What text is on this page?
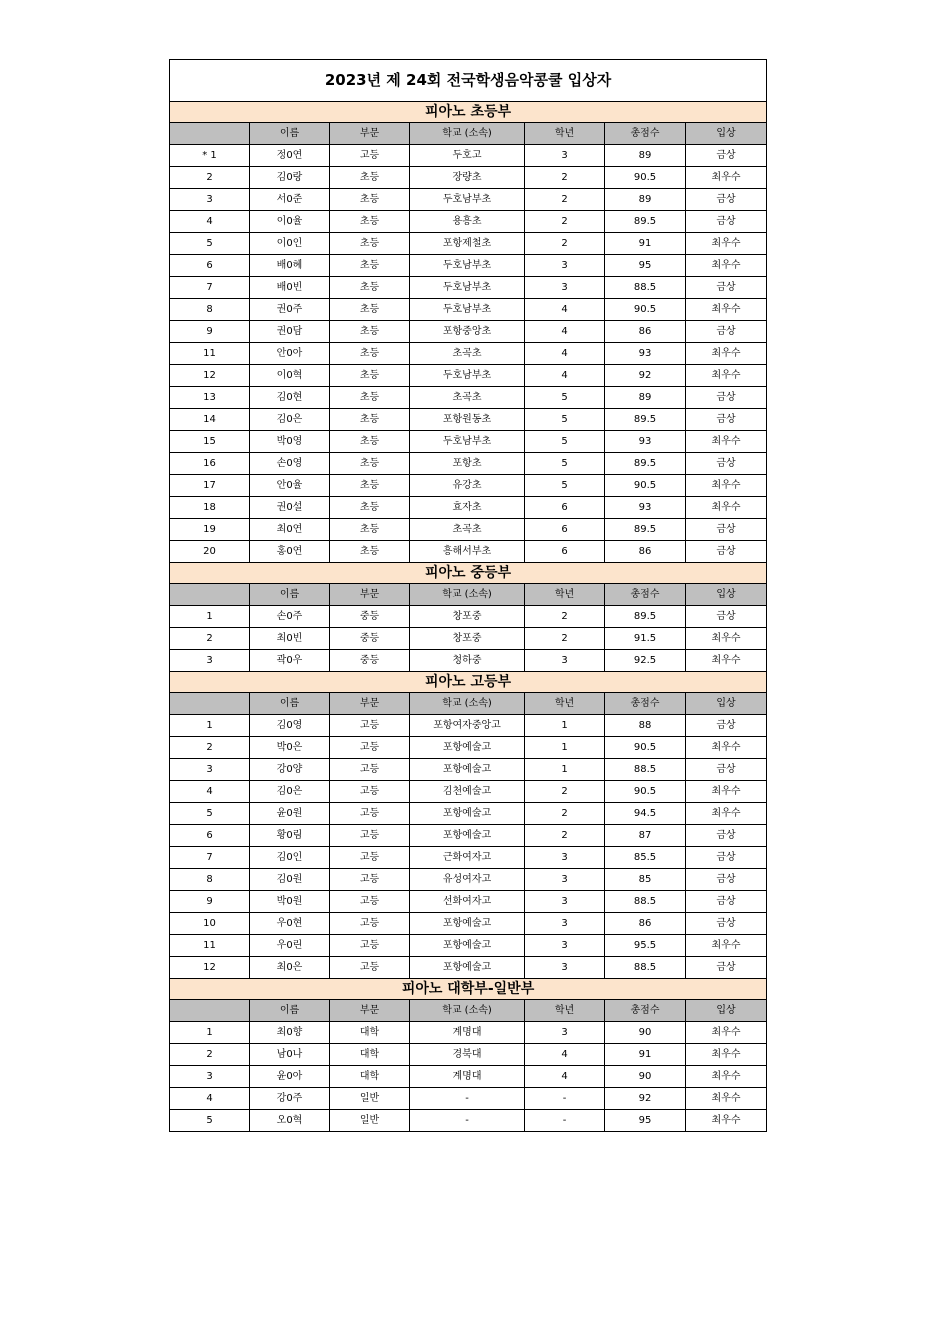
2023년 제 24회 전국학생음악콩쿨 입상자						
피아노 초등부						
	이름	부문	학교 (소속)	학년	총점수	입상
* 1	정0연	고등	두호고	3	89	금상
2	김0랑	초등	장량초	2	90.5	최우수
3	서0준	초등	두호남부초	2	89	금상
4	이0율	초등	용흥초	2	89.5	금상
5	이0인	초등	포항제철초	2	91	최우수
6	배0혜	초등	두호남부초	3	95	최우수
7	배0빈	초등	두호남부초	3	88.5	금상
8	권0주	초등	두호남부초	4	90.5	최우수
9	권0담	초등	포항중앙초	4	86	금상
11	안0아	초등	초곡초	4	93	최우수
12	이0혁	초등	두호남부초	4	92	최우수
13	김0현	초등	초곡초	5	89	금상
14	김0은	초등	포항원동초	5	89.5	금상
15	박0영	초등	두호남부초	5	93	최우수
16	손0영	초등	포항초	5	89.5	금상
17	안0율	초등	유강초	5	90.5	최우수
18	권0설	초등	효자초	6	93	최우수
19	최0연	초등	초곡초	6	89.5	금상
20	홍0연	초등	흥해서부초	6	86	금상
피아노 중등부						
	이름	부문	학교 (소속)	학년	총점수	입상
1	손0주	중등	창포중	2	89.5	금상
2	최0빈	중등	창포중	2	91.5	최우수
3	곽0우	중등	청하중	3	92.5	최우수
피아노 고등부						
	이름	부문	학교 (소속)	학년	총점수	입상
1	김0영	고등	포항여자중앙고	1	88	금상
2	박0은	고등	포항예술고	1	90.5	최우수
3	강0양	고등	포항예술고	1	88.5	금상
4	김0은	고등	김천예술고	2	90.5	최우수
5	윤0원	고등	포항예술고	2	94.5	최우수
6	황0림	고등	포항예술고	2	87	금상
7	김0인	고등	근화여자고	3	85.5	금상
8	김0원	고등	유성여자고	3	85	금상
9	박0원	고등	선화여자고	3	88.5	금상
10	우0현	고등	포항예술고	3	86	금상
11	우0린	고등	포항예술고	3	95.5	최우수
12	최0은	고등	포항예술고	3	88.5	금상
피아노 대학부-일반부						
	이름	부문	학교 (소속)	학년	총점수	입상
1	최0향	대학	계명대	3	90	최우수
2	남0나	대학	경북대	4	91	최우수
3	윤0아	대학	계명대	4	90	최우수
4	강0주	일반	-	-	92	최우수
5	오0혁	일반	-	-	95	최우수
